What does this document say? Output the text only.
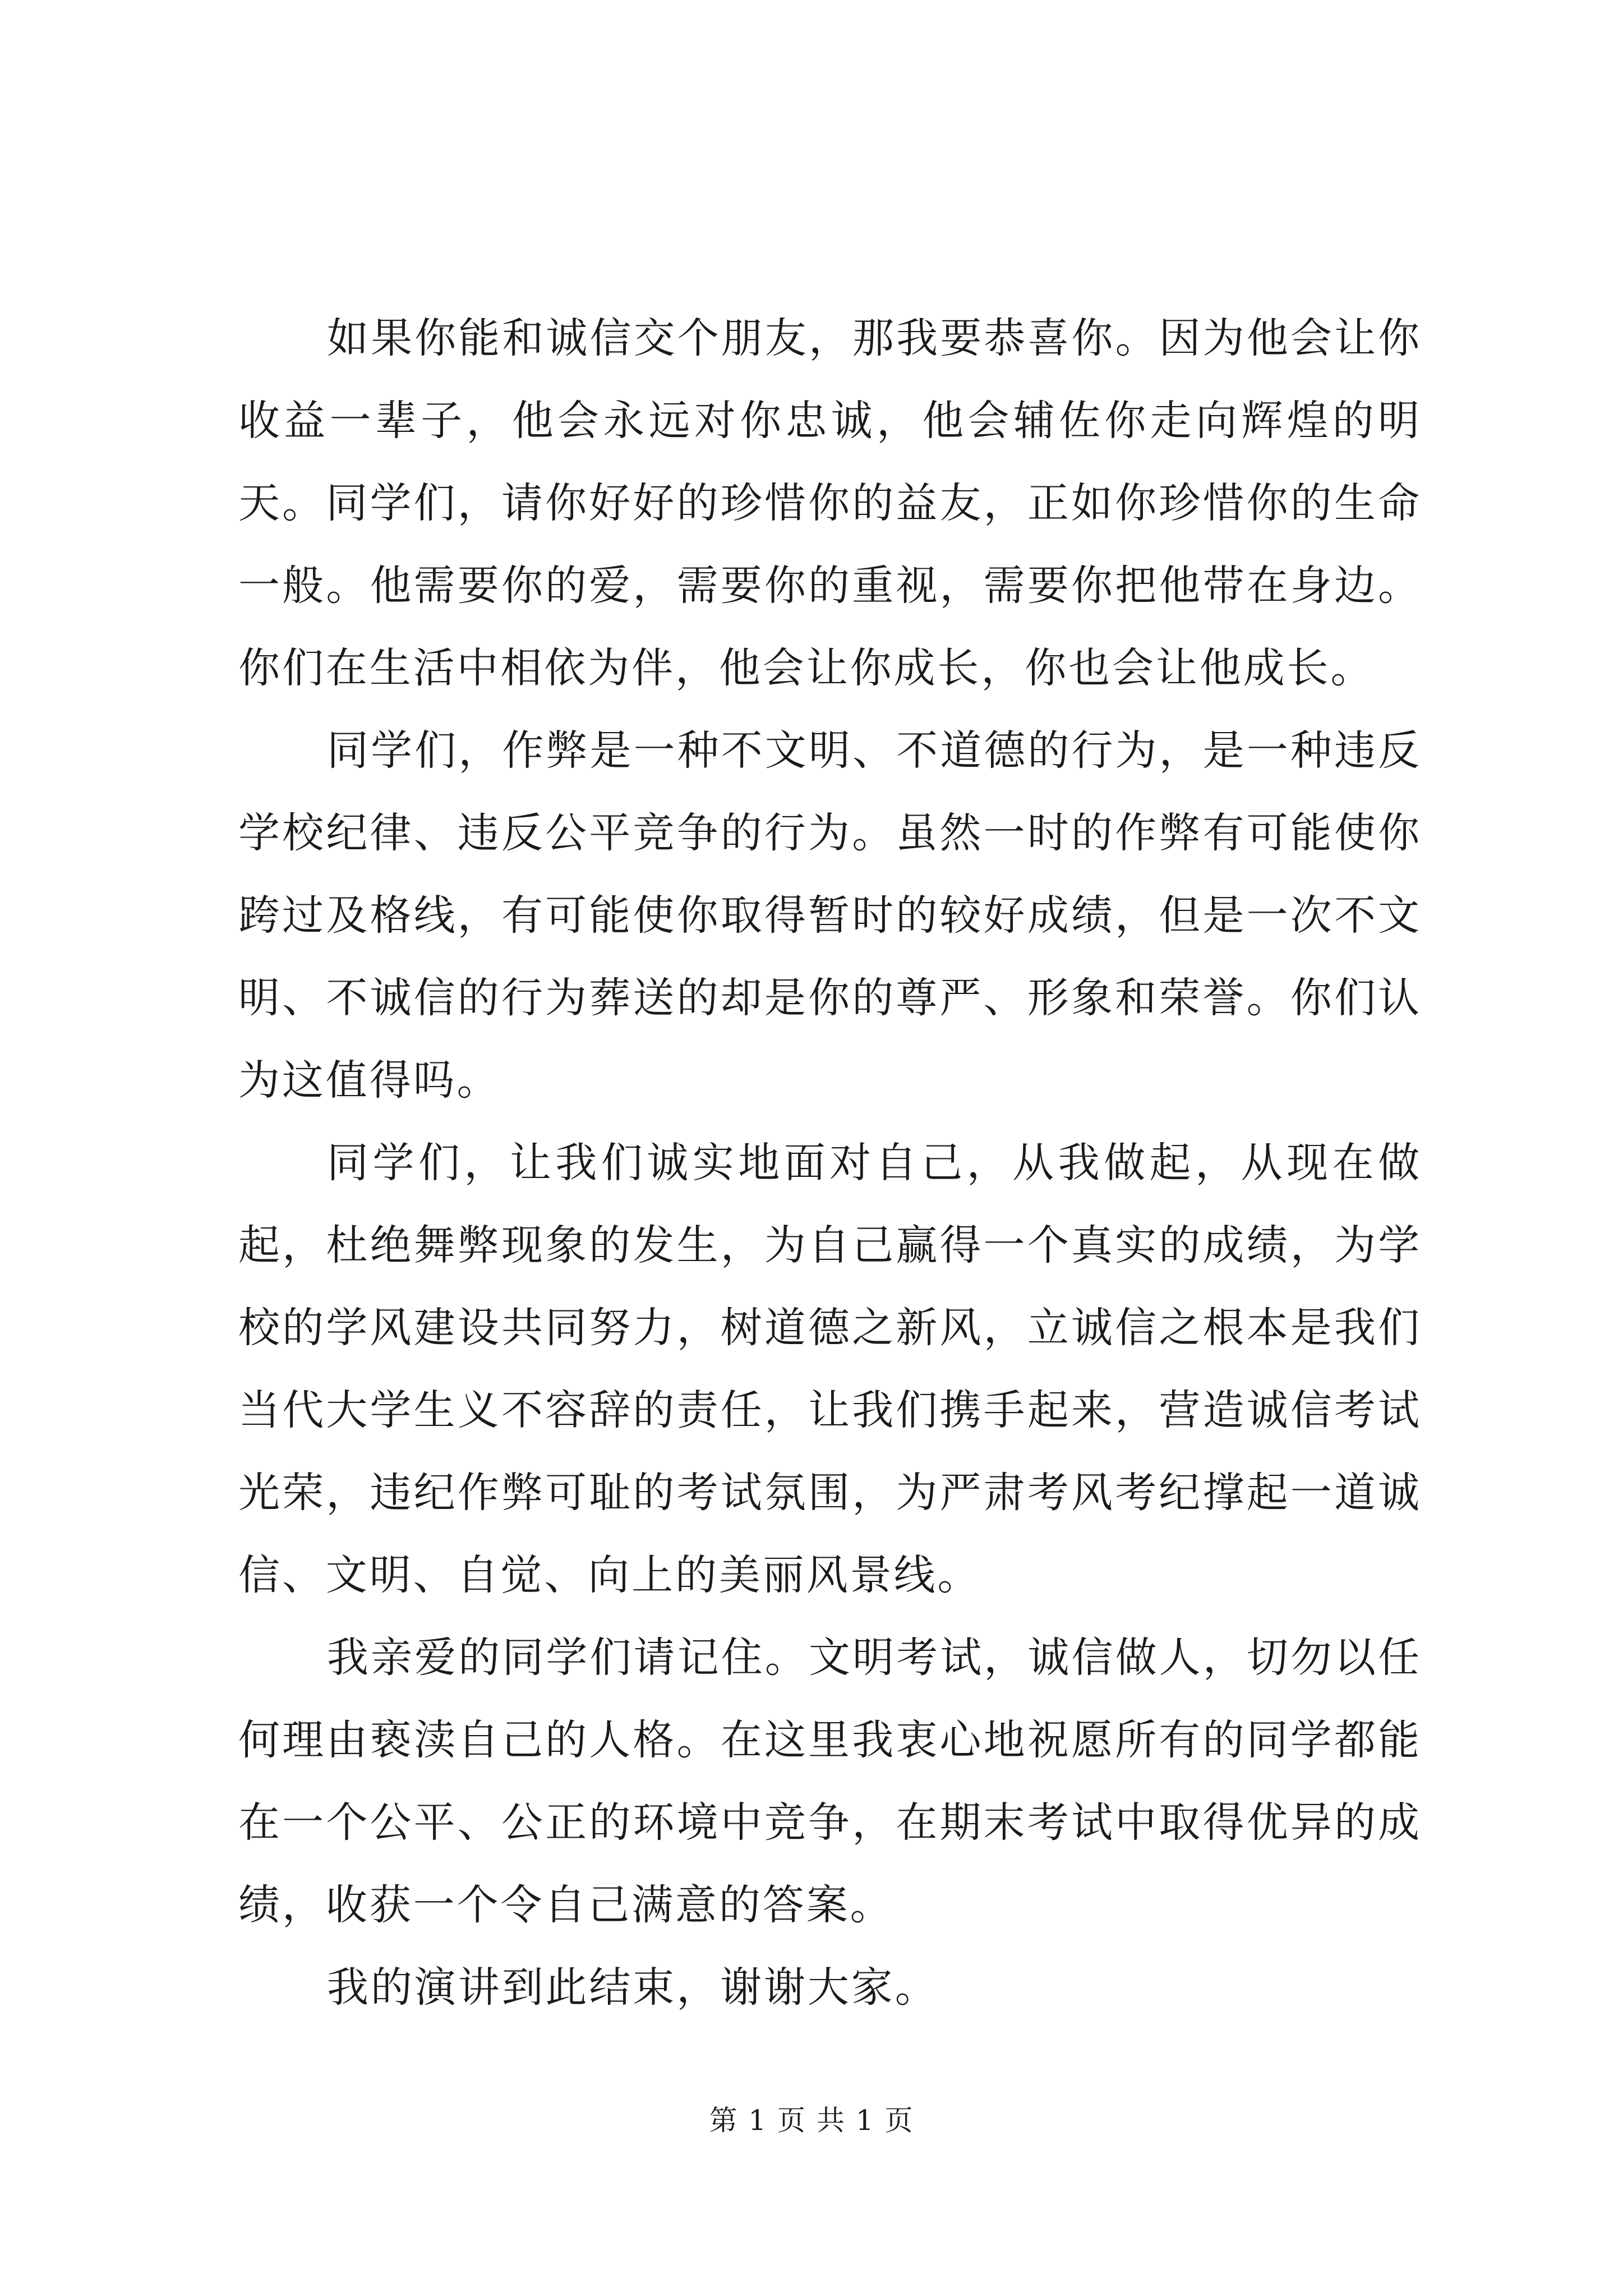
如果你能和诚信交个朋友，那我要恭喜你。因为他会让你收益一辈子，他会永远对你忠诚，他会辅佐你走向辉煌的明天。同学们，请你好好的珍惜你的益友，正如你珍惜你的生命一般。他需要你的爱，需要你的重视，需要你把他带在身边。你们在生活中相依为伴，他会让你成长，你也会让他成长。

同学们，作弊是一种不文明、不道德的行为，是一种违反学校纪律、违反公平竞争的行为。虽然一时的作弊有可能使你跨过及格线，有可能使你取得暂时的较好成绩，但是一次不文明、不诚信的行为葬送的却是你的尊严、形象和荣誉。你们认为这值得吗。

同学们，让我们诚实地面对自己，从我做起，从现在做起，杜绝舞弊现象的发生，为自己赢得一个真实的成绩，为学校的学风建设共同努力，树道德之新风，立诚信之根本是我们当代大学生义不容辞的责任，让我们携手起来，营造诚信考试光荣，违纪作弊可耻的考试氛围，为严肃考风考纪撑起一道诚信、文明、自觉、向上的美丽风景线。

我亲爱的同学们请记住。文明考试，诚信做人，切勿以任何理由亵渎自己的人格。在这里我衷心地祝愿所有的同学都能在一个公平、公正的环境中竞争，在期末考试中取得优异的成绩，收获一个令自己满意的答案。

我的演讲到此结束，谢谢大家。

第 1 页 共 1 页
